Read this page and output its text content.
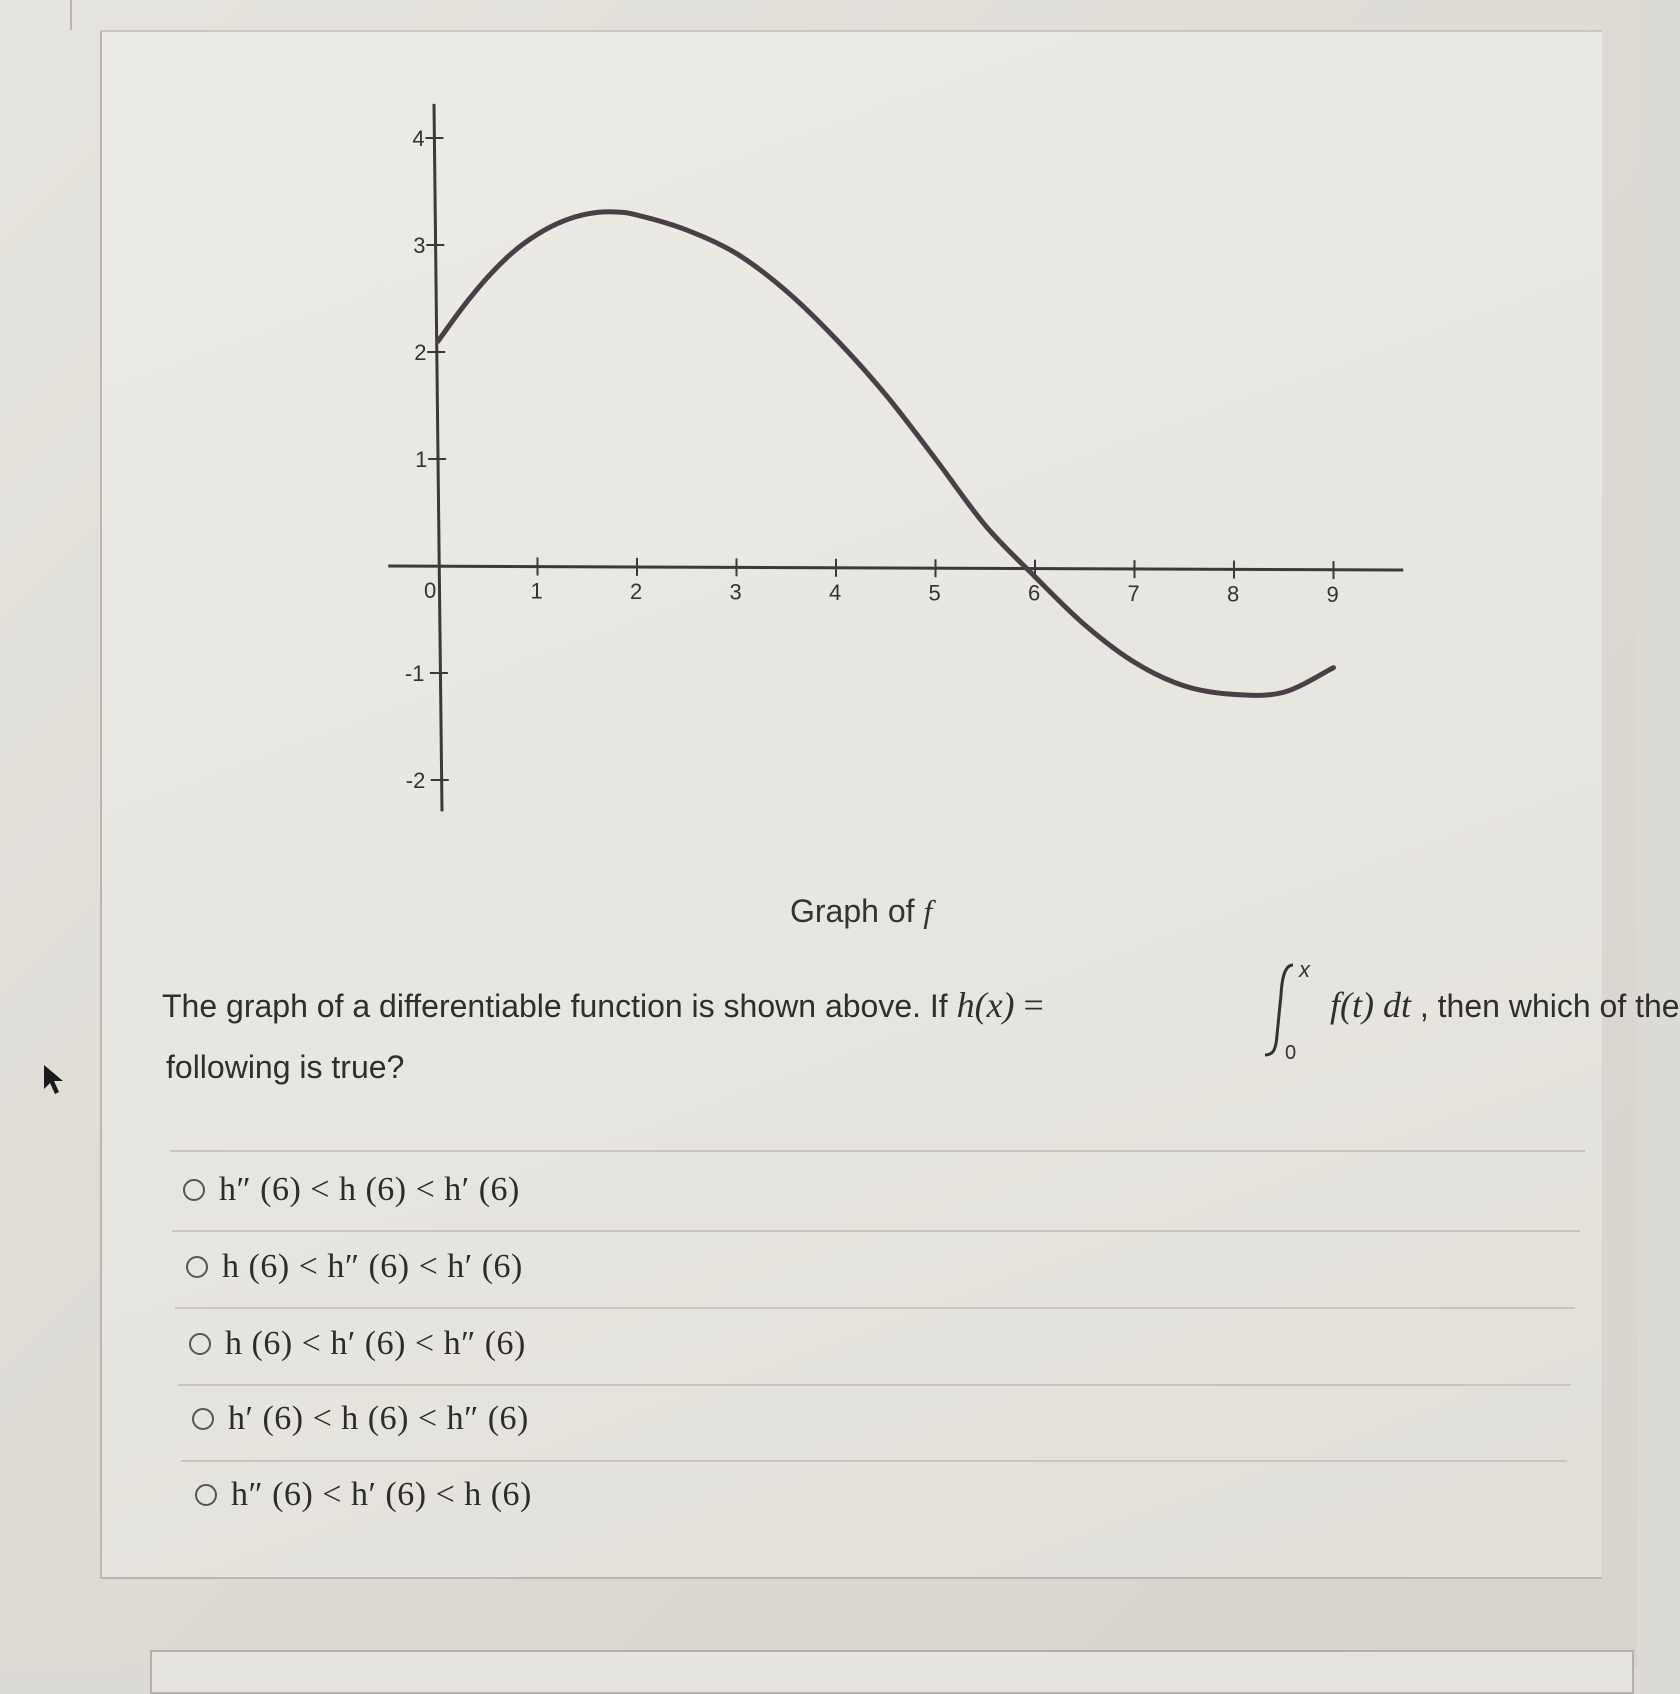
0	1	2	3	4	5	6	7	8	9
-2
-1
1
2
3
4
Graph of f
The graph of a differentiable function is shown above. If h(x) =
x
0
f(t) dt , then which of the
following is true?
h″ (6) < h (6) < h′ (6)
h (6) < h″ (6) < h′ (6)
h (6) < h′ (6) < h″ (6)
h′ (6) < h (6) < h″ (6)
h″ (6) < h′ (6) < h (6)
